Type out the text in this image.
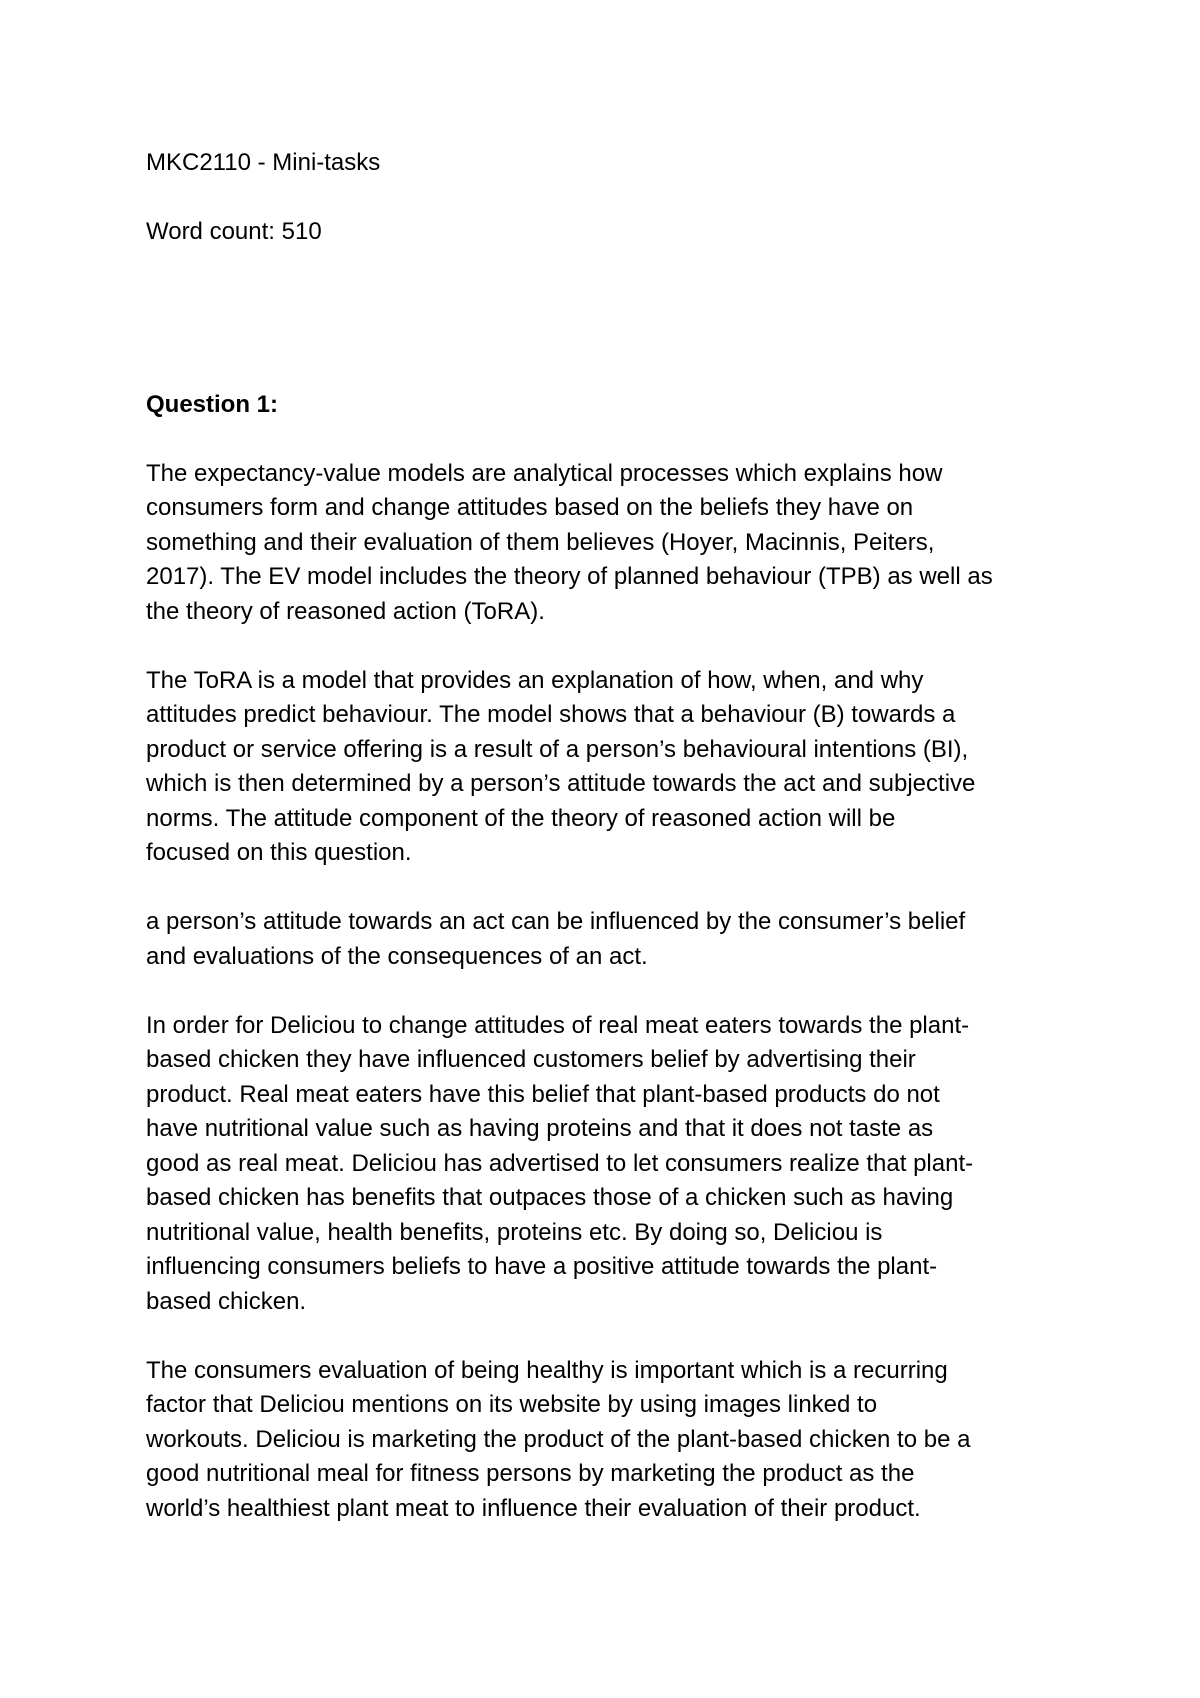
MKC2110 - Mini-tasks

Word count: 510

Question 1:

The expectancy-value models are analytical processes which explains how
consumers form and change attitudes based on the beliefs they have on
something and their evaluation of them believes (Hoyer, Macinnis, Peiters,
2017). The EV model includes the theory of planned behaviour (TPB) as well as
the theory of reasoned action (ToRA).

The ToRA is a model that provides an explanation of how, when, and why
attitudes predict behaviour. The model shows that a behaviour (B) towards a
product or service offering is a result of a person’s behavioural intentions (BI),
which is then determined by a person’s attitude towards the act and subjective
norms. The attitude component of the theory of reasoned action will be
focused on this question.

a person’s attitude towards an act can be influenced by the consumer’s belief
and evaluations of the consequences of an act.

In order for Deliciou to change attitudes of real meat eaters towards the plant-
based chicken they have influenced customers belief by advertising their
product. Real meat eaters have this belief that plant-based products do not
have nutritional value such as having proteins and that it does not taste as
good as real meat. Deliciou has advertised to let consumers realize that plant-
based chicken has benefits that outpaces those of a chicken such as having
nutritional value, health benefits, proteins etc. By doing so, Deliciou is
influencing consumers beliefs to have a positive attitude towards the plant-
based chicken.

The consumers evaluation of being healthy is important which is a recurring
factor that Deliciou mentions on its website by using images linked to
workouts. Deliciou is marketing the product of the plant-based chicken to be a
good nutritional meal for fitness persons by marketing the product as the
world’s healthiest plant meat to influence their evaluation of their product.
